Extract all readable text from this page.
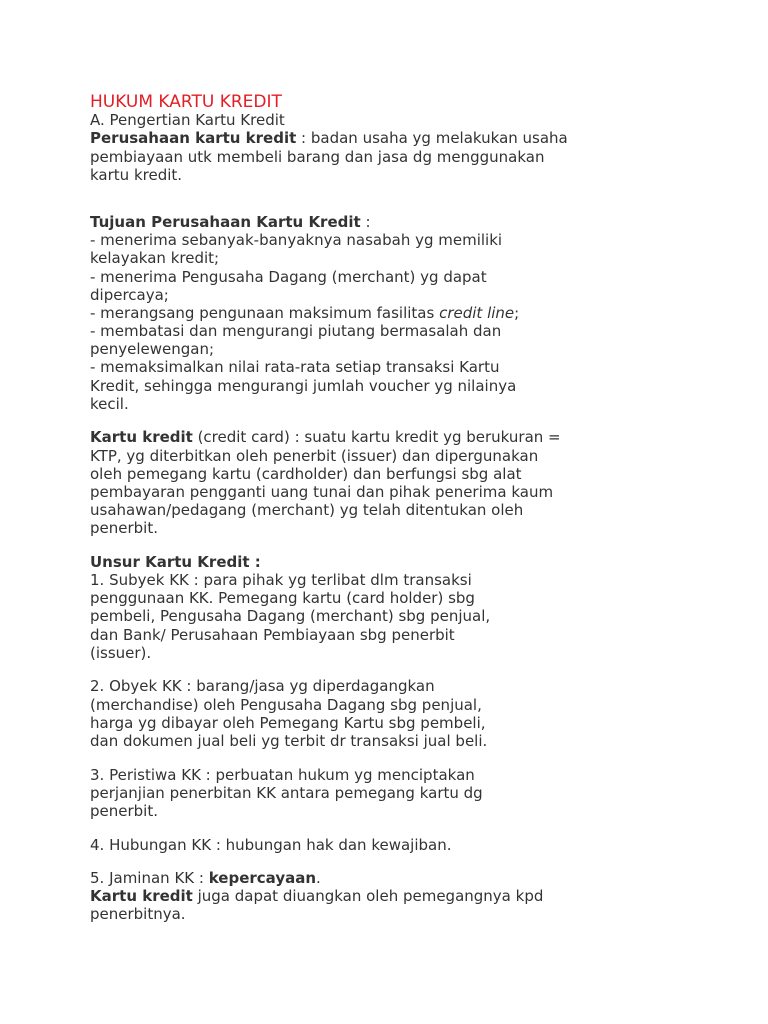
HUKUM KARTU KREDIT
A. Pengertian Kartu Kredit
Perusahaan kartu kredit : badan usaha yg melakukan usaha
pembiayaan utk membeli barang dan jasa dg menggunakan
kartu kredit.
Tujuan Perusahaan Kartu Kredit :
- menerima sebanyak-banyaknya nasabah yg memiliki
kelayakan kredit;
- menerima Pengusaha Dagang (merchant) yg dapat
dipercaya;
- merangsang pengunaan maksimum fasilitas credit line;
- membatasi dan mengurangi piutang bermasalah dan
penyelewengan;
- memaksimalkan nilai rata-rata setiap transaksi Kartu
Kredit, sehingga mengurangi jumlah voucher yg nilainya
kecil.
Kartu kredit (credit card) : suatu kartu kredit yg berukuran =
KTP, yg diterbitkan oleh penerbit (issuer) dan dipergunakan
oleh pemegang kartu (cardholder) dan berfungsi sbg alat
pembayaran pengganti uang tunai dan pihak penerima kaum
usahawan/pedagang (merchant) yg telah ditentukan oleh
penerbit.
Unsur Kartu Kredit :
1. Subyek KK : para pihak yg terlibat dlm transaksi
penggunaan KK. Pemegang kartu (card holder) sbg
pembeli, Pengusaha Dagang (merchant) sbg penjual,
dan Bank/ Perusahaan Pembiayaan sbg penerbit
(issuer).
2. Obyek KK : barang/jasa yg diperdagangkan
(merchandise) oleh Pengusaha Dagang sbg penjual,
harga yg dibayar oleh Pemegang Kartu sbg pembeli,
dan dokumen jual beli yg terbit dr transaksi jual beli.
3. Peristiwa KK : perbuatan hukum yg menciptakan
perjanjian penerbitan KK antara pemegang kartu dg
penerbit.
4. Hubungan KK : hubungan hak dan kewajiban.
5. Jaminan KK : kepercayaan.
Kartu kredit juga dapat diuangkan oleh pemegangnya kpd
penerbitnya.
